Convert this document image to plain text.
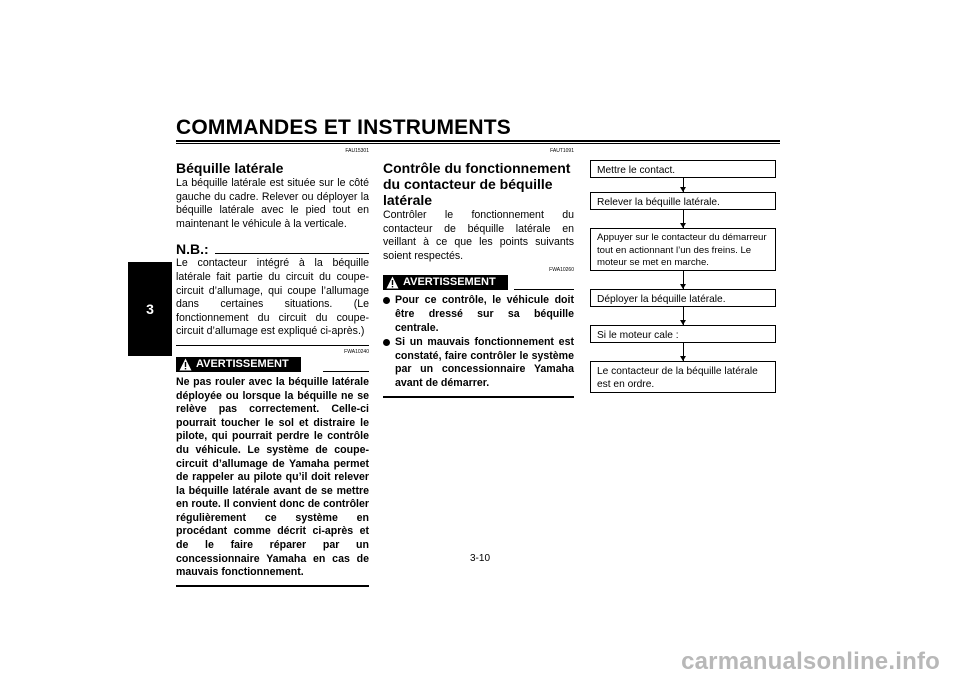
COMMANDES ET INSTRUMENTS
3
FAU15301
Béquille latérale
La béquille latérale est située sur le côté gauche du cadre. Relever ou déployer la béquille latérale avec le pied tout en maintenant le véhicule à la verticale.
N.B.:
Le contacteur intégré à la béquille latérale fait partie du circuit du coupe-circuit d’allumage, qui coupe l’allumage dans certaines situations. (Le fonctionnement du circuit du coupe-circuit d’allumage est expliqué ci-après.)
FWA10240
AVERTISSEMENT
Ne pas rouler avec la béquille latérale déployée ou lorsque la béquille ne se relève pas correctement. Celle-ci pourrait toucher le sol et distraire le pilote, qui pourrait perdre le contrôle du véhicule. Le système de coupe-circuit d’allumage de Yamaha permet de rappeler au pilote qu’il doit relever la béquille latérale avant de se mettre en route. Il convient donc de contrôler régulièrement ce système en procédant comme décrit ci-après et de le faire réparer par un concessionnaire Yamaha en cas de mauvais fonctionnement.
FAUT1091
Contrôle du fonctionnement du contacteur de béquille latérale
Contrôler le fonctionnement du contacteur de béquille latérale en veillant à ce que les points suivants soient respectés.
FWA10260
AVERTISSEMENT
Pour ce contrôle, le véhicule doit être dressé sur sa béquille centrale.
Si un mauvais fonctionnement est constaté, faire contrôler le système par un concessionnaire Yamaha avant de démarrer.
Mettre le contact.
Relever la béquille latérale.
Appuyer sur le contacteur du démarreur tout en actionnant l’un des freins. Le moteur se met en marche.
Déployer la béquille latérale.
Si le moteur cale :
Le contacteur de la béquille latérale est en ordre.
3-10
carmanualsonline.info
